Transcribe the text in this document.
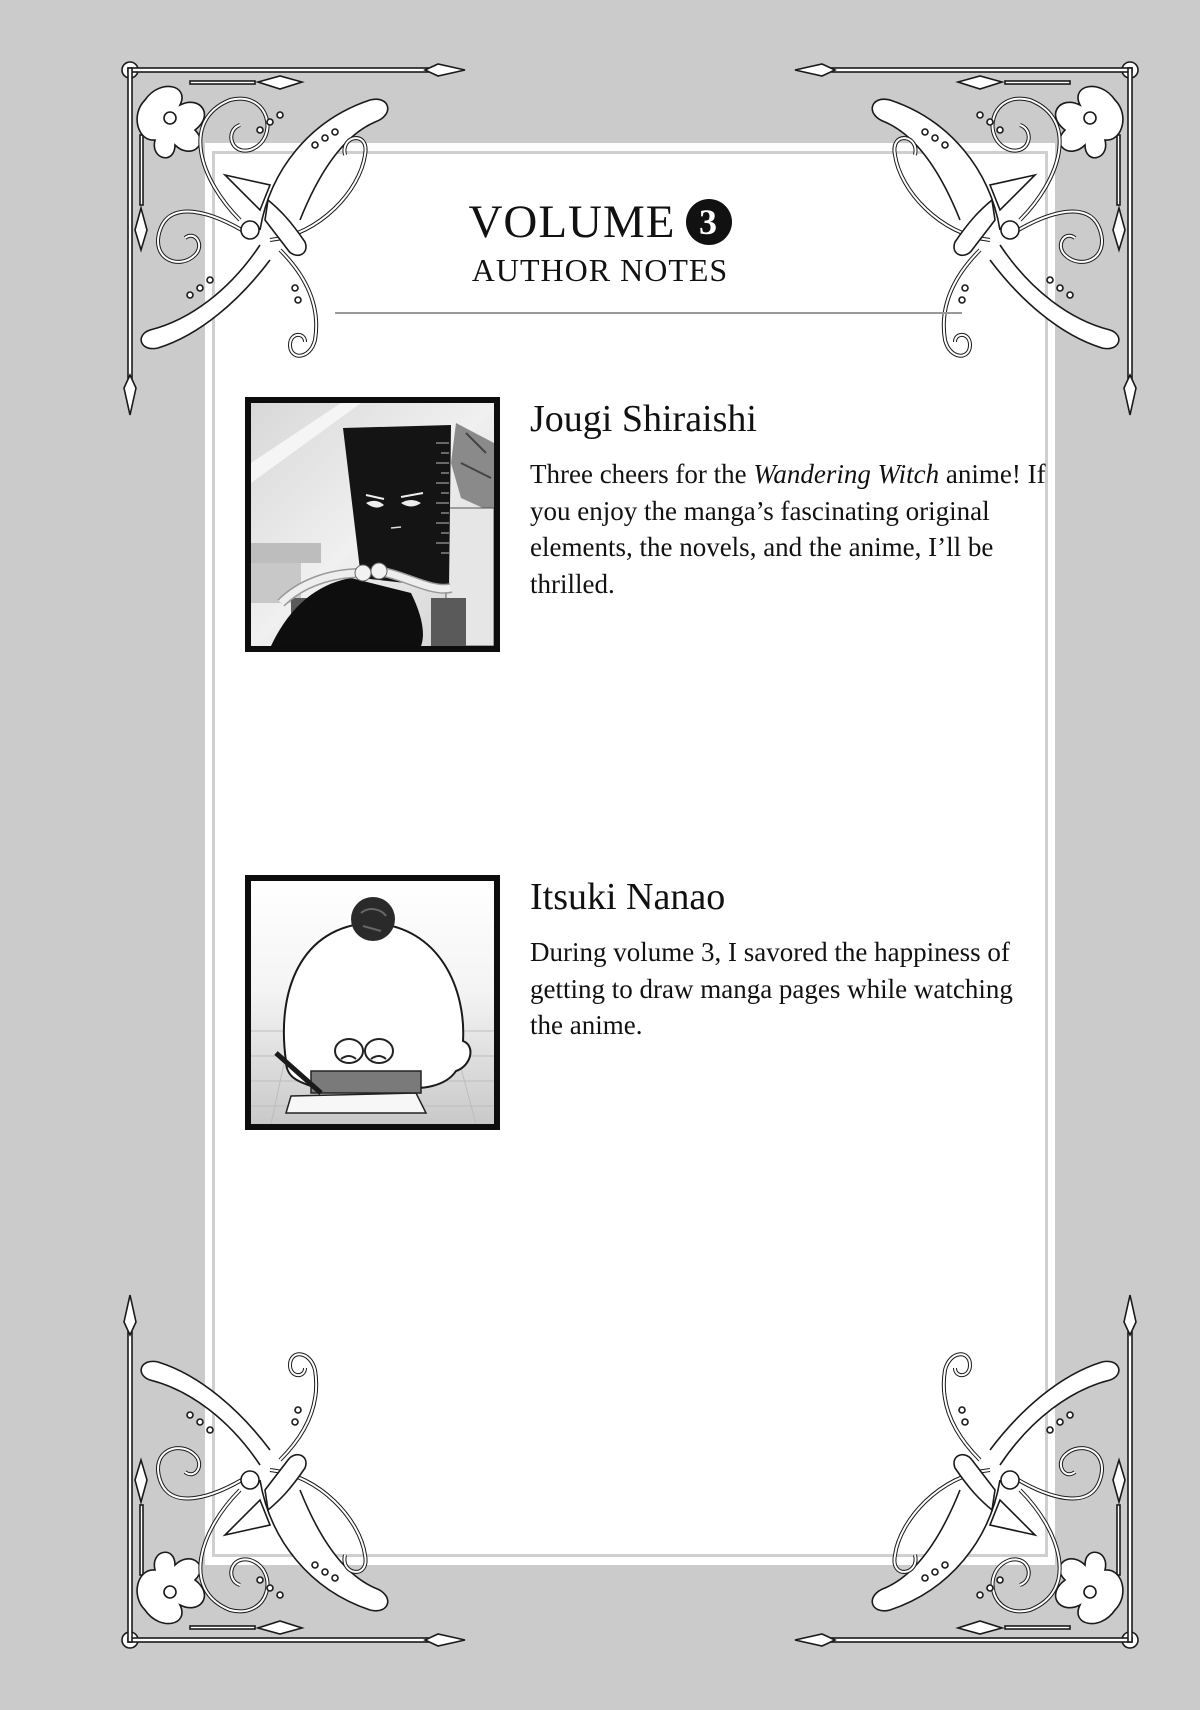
VOLUME 3
AUTHOR NOTES
Jougi Shiraishi
Three cheers for the Wandering Witch anime! If you enjoy the manga’s fascinating original elements, the novels, and the anime, I’ll be thrilled.
Itsuki Nanao
During volume 3, I savored the happiness of getting to draw manga pages while watching the anime.
